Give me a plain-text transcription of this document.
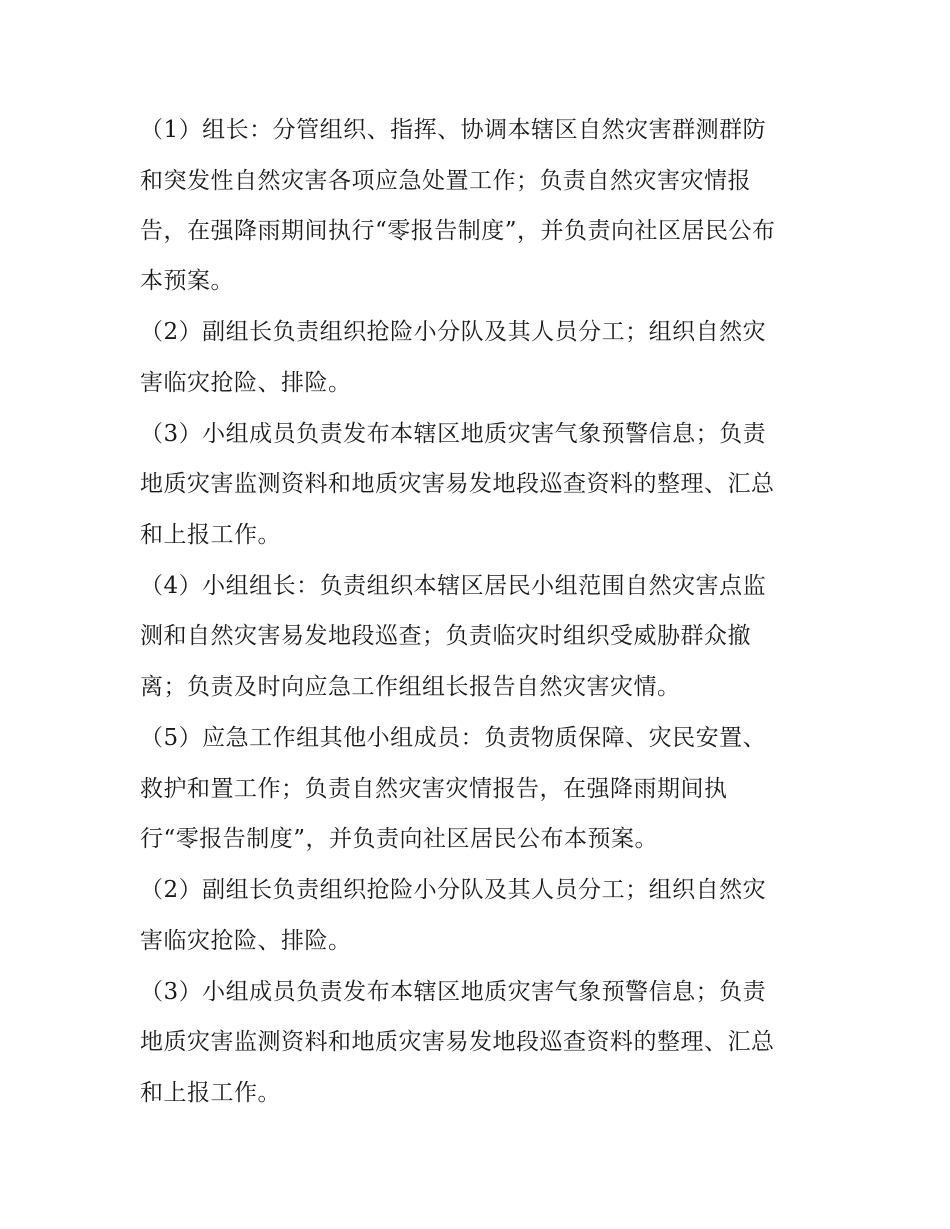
（1）组长：分管组织、指挥、协调本辖区自然灾害群测群防
和突发性自然灾害各项应急处置工作；负责自然灾害灾情报
告，在强降雨期间执行“零报告制度”，并负责向社区居民公布
本预案。
（2）副组长负责组织抢险小分队及其人员分工；组织自然灾
害临灾抢险、排险。
（3）小组成员负责发布本辖区地质灾害气象预警信息；负责
地质灾害监测资料和地质灾害易发地段巡查资料的整理、汇总
和上报工作。
（4）小组组长：负责组织本辖区居民小组范围自然灾害点监
测和自然灾害易发地段巡查；负责临灾时组织受威胁群众撤
离；负责及时向应急工作组组长报告自然灾害灾情。
（5）应急工作组其他小组成员：负责物质保障、灾民安置、
救护和置工作；负责自然灾害灾情报告，在强降雨期间执
行“零报告制度”，并负责向社区居民公布本预案。
（2）副组长负责组织抢险小分队及其人员分工；组织自然灾
害临灾抢险、排险。
（3）小组成员负责发布本辖区地质灾害气象预警信息；负责
地质灾害监测资料和地质灾害易发地段巡查资料的整理、汇总
和上报工作。
